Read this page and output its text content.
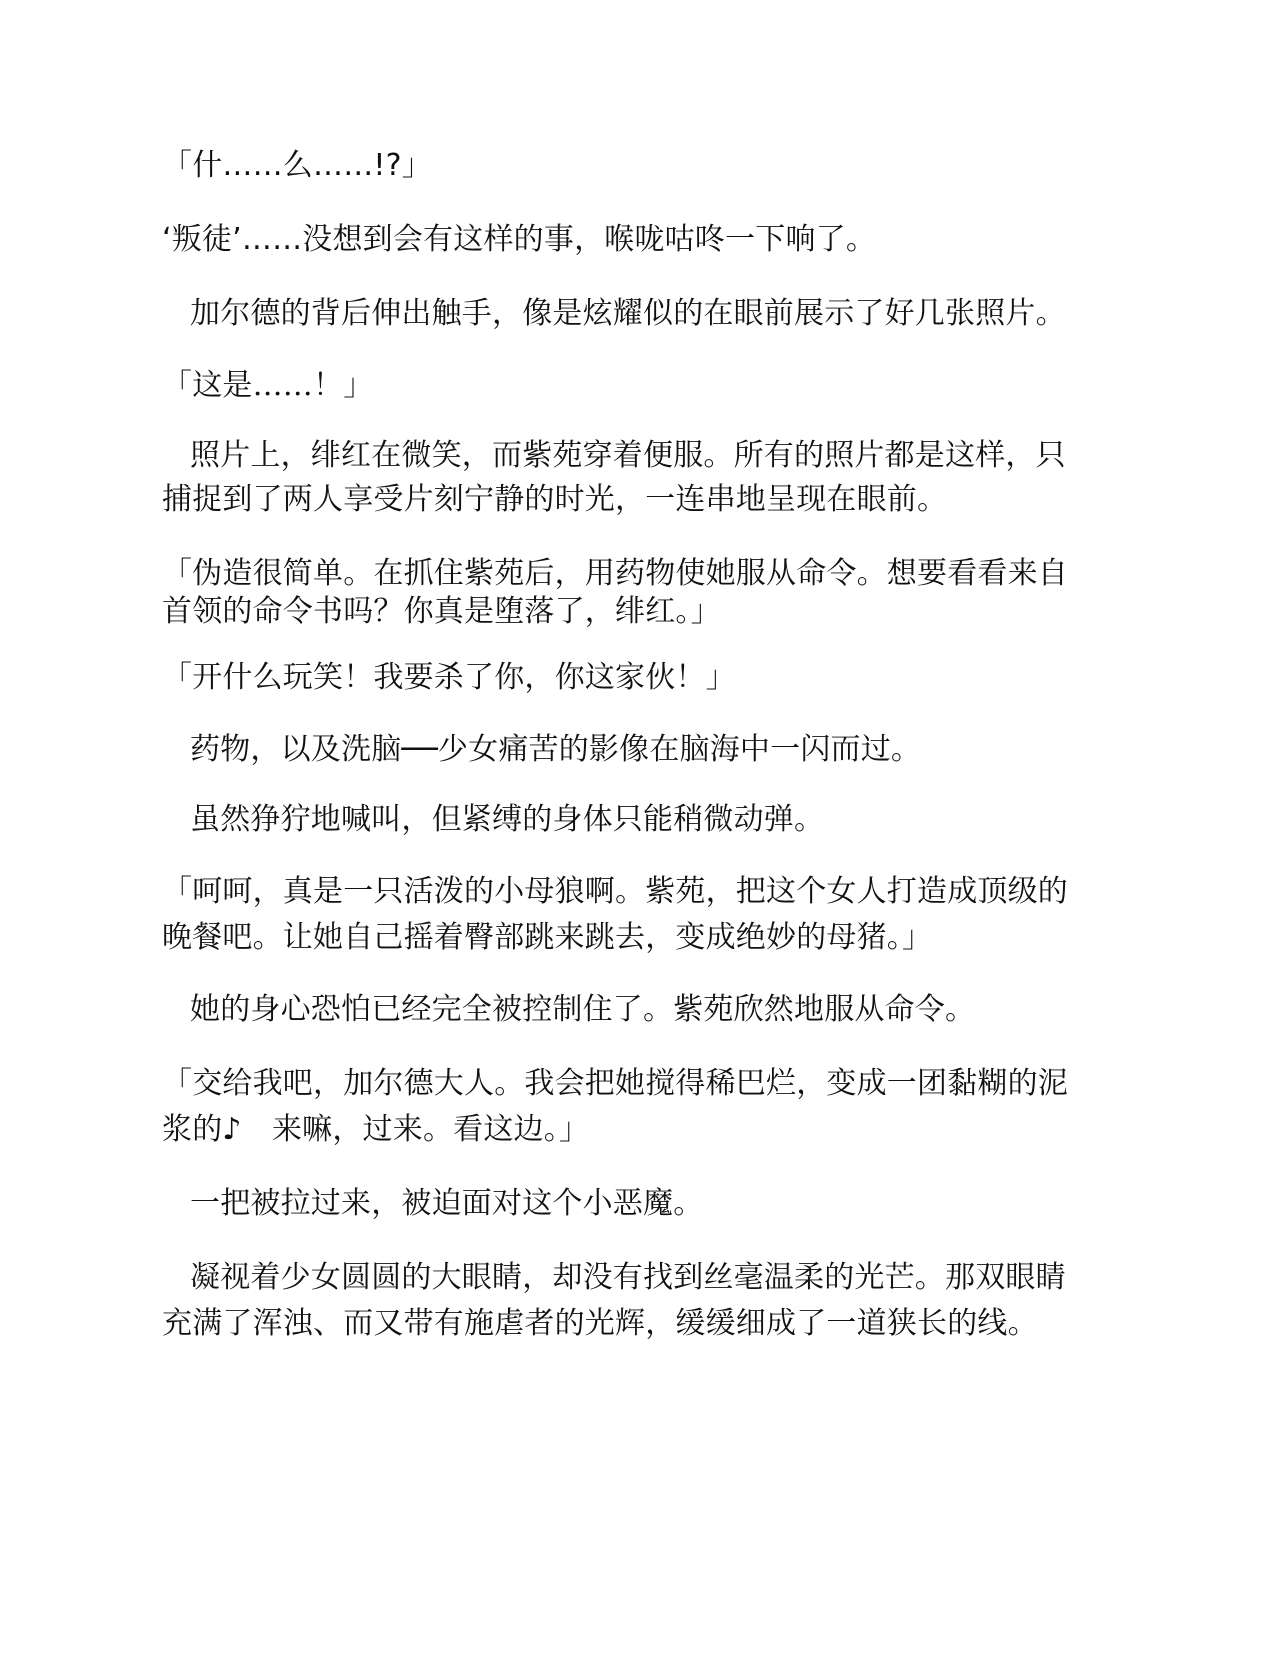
「什……么……!?」
‘叛徒’……没想到会有这样的事，喉咙咕咚一下响了。
加尔德的背后伸出触手，像是炫耀似的在眼前展示了好几张照片。
「这是……！」
照片上，绯红在微笑，而紫苑穿着便服。所有的照片都是这样，只
捕捉到了两人享受片刻宁静的时光，一连串地呈现在眼前。
「伪造很简单。在抓住紫苑后，用药物使她服从命令。想要看看来自
首领的命令书吗？你真是堕落了，绯红。」
「开什么玩笑！我要杀了你，你这家伙！」
药物，以及洗脑──少女痛苦的影像在脑海中一闪而过。
虽然狰狞地喊叫，但紧缚的身体只能稍微动弹。
「呵呵，真是一只活泼的小母狼啊。紫苑，把这个女人打造成顶级的
晚餐吧。让她自己摇着臀部跳来跳去，变成绝妙的母猪。」
她的身心恐怕已经完全被控制住了。紫苑欣然地服从命令。
「交给我吧，加尔德大人。我会把她搅得稀巴烂，变成一团黏糊的泥
浆的♪　来嘛，过来。看这边。」
一把被拉过来，被迫面对这个小恶魔。
凝视着少女圆圆的大眼睛，却没有找到丝毫温柔的光芒。那双眼睛
充满了浑浊、而又带有施虐者的光辉，缓缓细成了一道狭长的线。
